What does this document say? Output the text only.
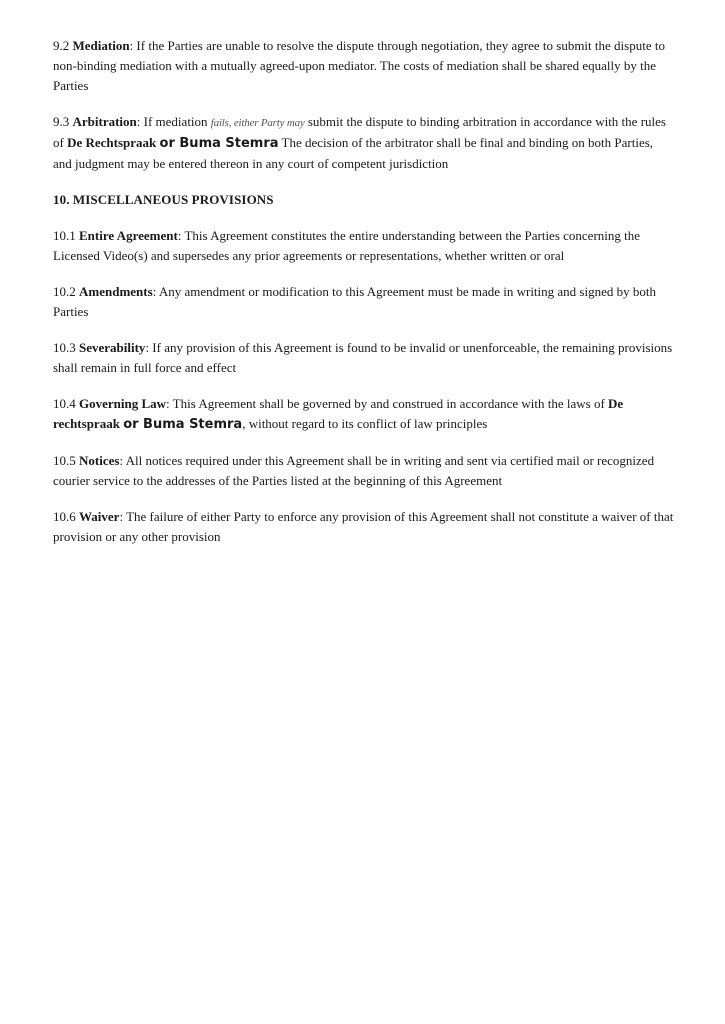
9.2 Mediation: If the Parties are unable to resolve the dispute through negotiation, they agree to submit the dispute to non-binding mediation with a mutually agreed-upon mediator. The costs of mediation shall be shared equally by the Parties

9.3 Arbitration: If mediation fails, either Party may submit the dispute to binding arbitration in accordance with the rules of De Rechtspraak or Buma Stemra The decision of the arbitrator shall be final and binding on both Parties, and judgment may be entered thereon in any court of competent jurisdiction

10. MISCELLANEOUS PROVISIONS

10.1 Entire Agreement: This Agreement constitutes the entire understanding between the Parties concerning the Licensed Video(s) and supersedes any prior agreements or representations, whether written or oral

10.2 Amendments: Any amendment or modification to this Agreement must be made in writing and signed by both Parties

10.3 Severability: If any provision of this Agreement is found to be invalid or unenforceable, the remaining provisions shall remain in full force and effect

10.4 Governing Law: This Agreement shall be governed by and construed in accordance with the laws of De rechtspraak or Buma Stemra, without regard to its conflict of law principles

10.5 Notices: All notices required under this Agreement shall be in writing and sent via certified mail or recognized courier service to the addresses of the Parties listed at the beginning of this Agreement

10.6 Waiver: The failure of either Party to enforce any provision of this Agreement shall not constitute a waiver of that provision or any other provision
